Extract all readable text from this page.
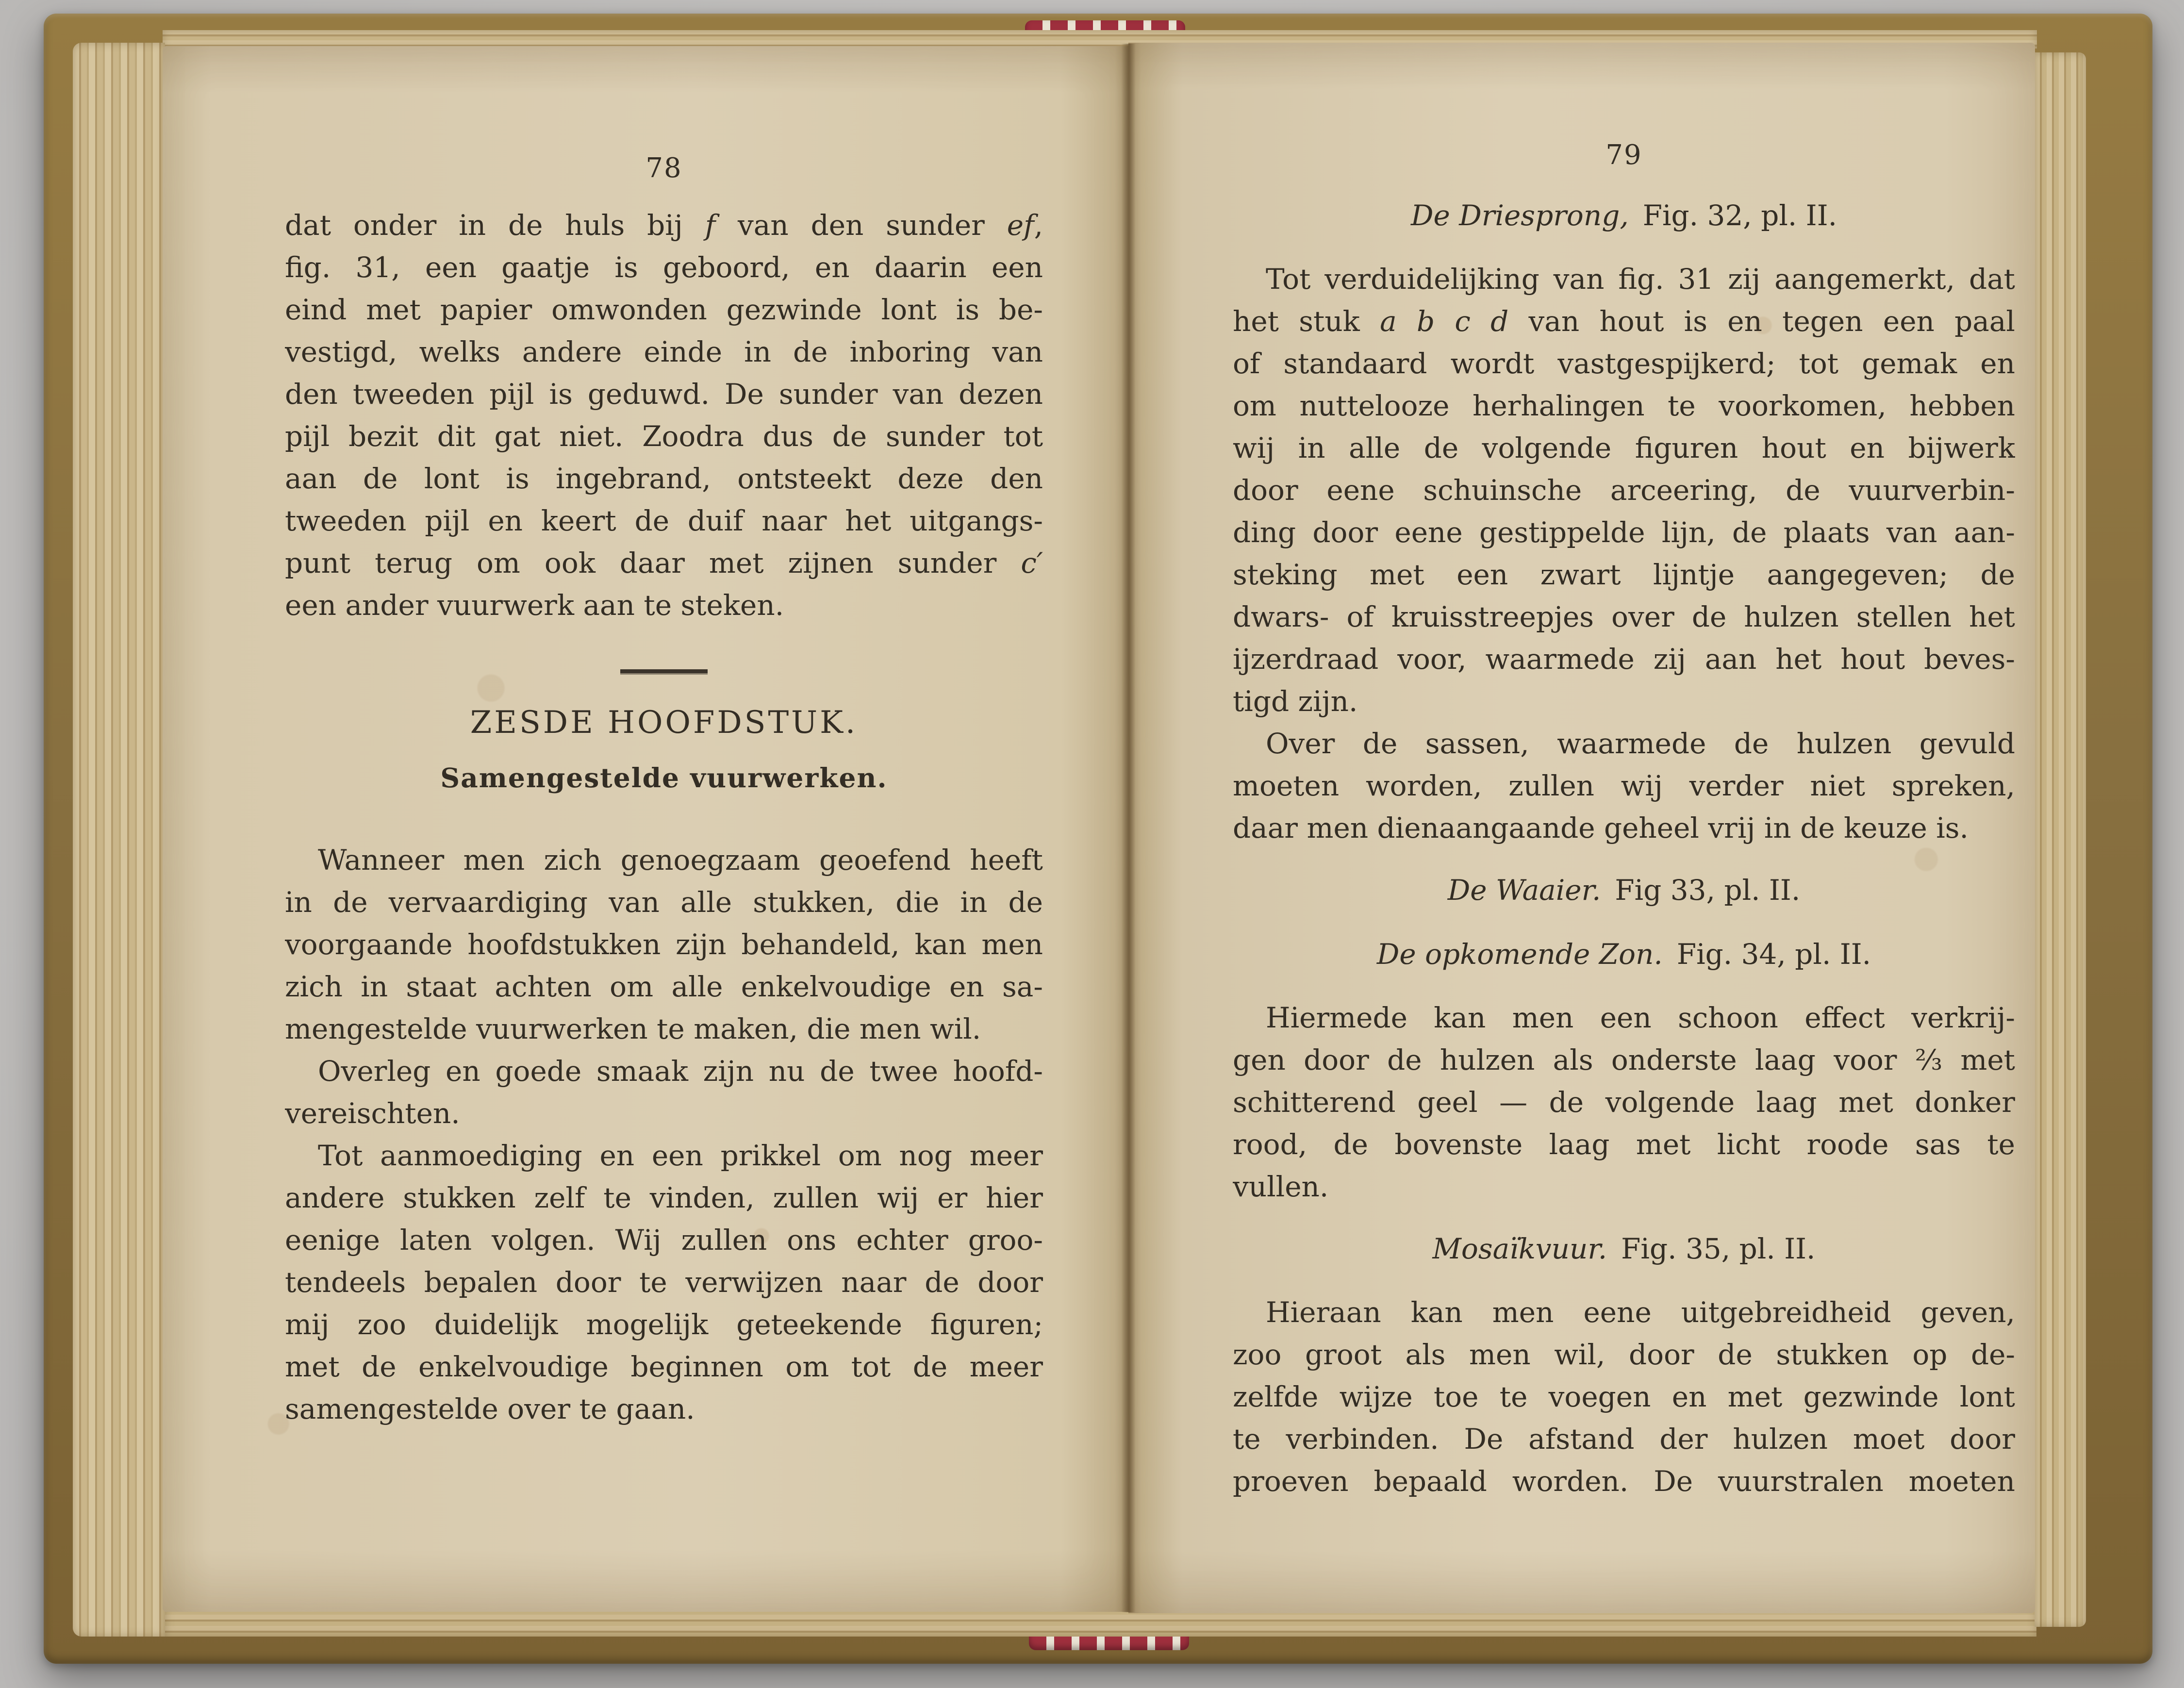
78
dat onder in de huls bij f van den sunder ef,
fig. 31, een gaatje is geboord, en daarin een
eind met papier omwonden gezwinde lont is be-
vestigd, welks andere einde in de inboring van
den tweeden pijl is geduwd. De sunder van dezen
pijl bezit dit gat niet. Zoodra dus de sunder tot
aan de lont is ingebrand, ontsteekt deze den
tweeden pijl en keert de duif naar het uitgangs-
punt terug om ook daar met zijnen sunder c′
een ander vuurwerk aan te steken.
ZESDE HOOFDSTUK.
Samengestelde vuurwerken.
Wanneer men zich genoegzaam geoefend heeft
in de vervaardiging van alle stukken, die in de
voorgaande hoofdstukken zijn behandeld, kan men
zich in staat achten om alle enkelvoudige en sa-
mengestelde vuurwerken te maken, die men wil.
Overleg en goede smaak zijn nu de twee hoofd-
vereischten.
Tot aanmoediging en een prikkel om nog meer
andere stukken zelf te vinden, zullen wij er hier
eenige laten volgen. Wij zullen ons echter groo-
tendeels bepalen door te verwijzen naar de door
mij zoo duidelijk mogelijk geteekende figuren;
met de enkelvoudige beginnen om tot de meer
samengestelde over te gaan.
79
De Driesprong, Fig. 32, pl. II.
Tot verduidelijking van fig. 31 zij aangemerkt, dat
het stuk a b c d van hout is en tegen een paal
of standaard wordt vastgespijkerd; tot gemak en
om nuttelooze herhalingen te voorkomen, hebben
wij in alle de volgende figuren hout en bijwerk
door eene schuinsche arceering, de vuurverbin-
ding door eene gestippelde lijn, de plaats van aan-
steking met een zwart lijntje aangegeven; de
dwars- of kruisstreepjes over de hulzen stellen het
ijzerdraad voor, waarmede zij aan het hout beves-
tigd zijn.
Over de sassen, waarmede de hulzen gevuld
moeten worden, zullen wij verder niet spreken,
daar men dienaangaande geheel vrij in de keuze is.
De Waaier. Fig 33, pl. II.
De opkomende Zon. Fig. 34, pl. II.
Hiermede kan men een schoon effect verkrij-
gen door de hulzen als onderste laag voor ⅔ met
schitterend geel — de volgende laag met donker
rood, de bovenste laag met licht roode sas te
vullen.
Mosaïkvuur. Fig. 35, pl. II.
Hieraan kan men eene uitgebreidheid geven,
zoo groot als men wil, door de stukken op de-
zelfde wijze toe te voegen en met gezwinde lont
te verbinden. De afstand der hulzen moet door
proeven bepaald worden. De vuurstralen moeten
